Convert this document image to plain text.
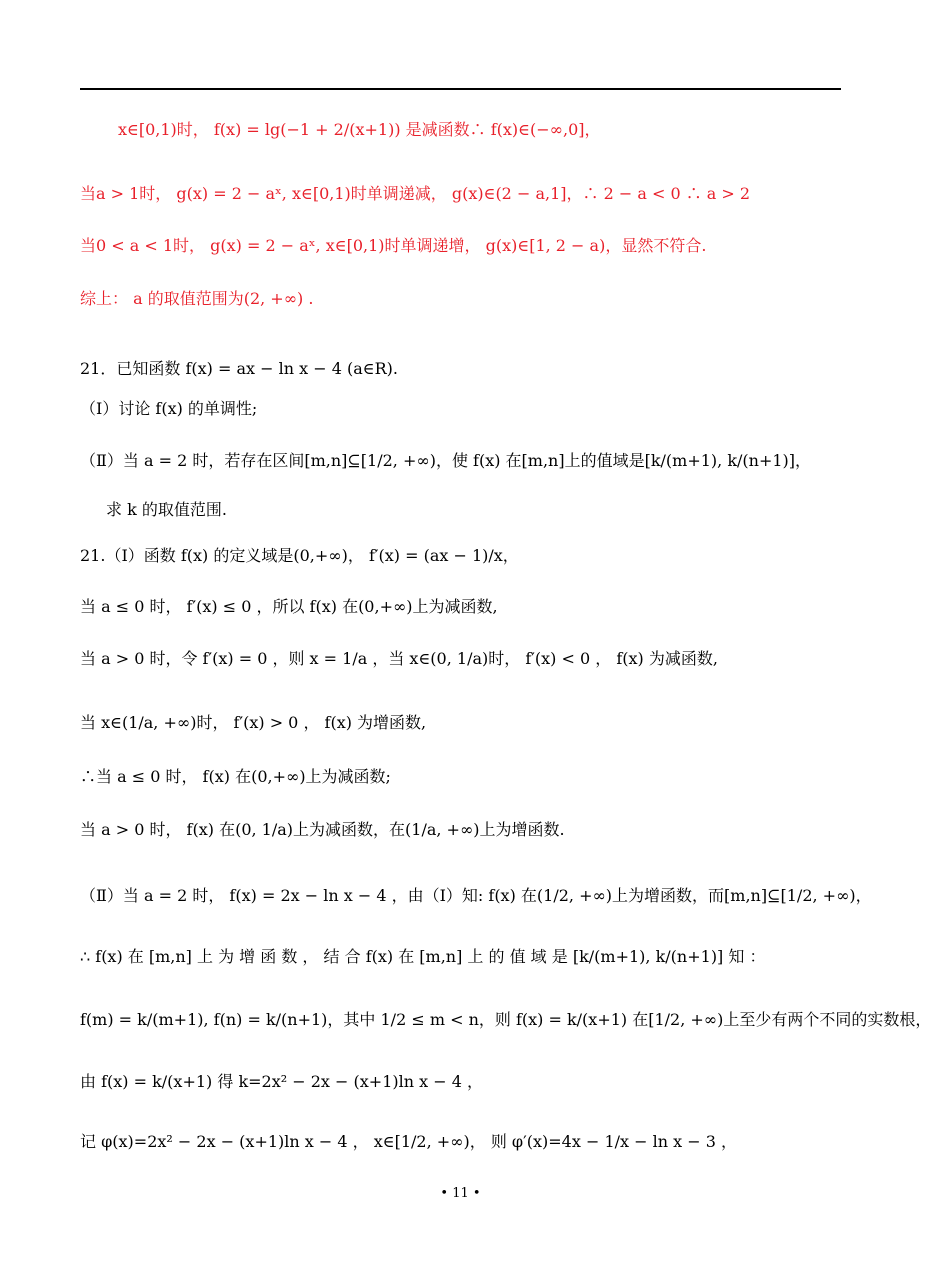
x∈[0,1)时， f(x) = lg(−1 + 2/(x+1)) 是减函数∴ f(x)∈(−∞,0]，
当a > 1时， g(x) = 2 − aˣ, x∈[0,1)时单调递减， g(x)∈(2 − a,1]，∴ 2 − a < 0 ∴ a > 2
当0 < a < 1时， g(x) = 2 − aˣ, x∈[0,1)时单调递增， g(x)∈[1, 2 − a)，显然不符合.
综上： a 的取值范围为(2, +∞) .
21．已知函数 f(x) = ax − ln x − 4 (a∈R).
（Ⅰ）讨论 f(x) 的单调性;
（Ⅱ）当 a = 2 时，若存在区间[m,n]⊆[1/2, +∞)，使 f(x) 在[m,n]上的值域是[k/(m+1), k/(n+1)]，
求 k 的取值范围.
21.（Ⅰ）函数 f(x) 的定义域是(0,+∞)， f′(x) = (ax − 1)/x，
当 a ≤ 0 时， f′(x) ≤ 0 ，所以 f(x) 在(0,+∞)上为减函数,
当 a > 0 时，令 f′(x) = 0 ，则 x = 1/a ，当 x∈(0, 1/a)时， f′(x) < 0 ， f(x) 为减函数,
当 x∈(1/a, +∞)时， f′(x) > 0 ， f(x) 为增函数,
∴当 a ≤ 0 时， f(x) 在(0,+∞)上为减函数;
当 a > 0 时， f(x) 在(0, 1/a)上为减函数，在(1/a, +∞)上为增函数.
（Ⅱ）当 a = 2 时， f(x) = 2x − ln x − 4 ，由（Ⅰ）知: f(x) 在(1/2, +∞)上为增函数，而[m,n]⊆[1/2, +∞)，
∴ f(x) 在 [m,n] 上 为 增 函 数 ， 结 合 f(x) 在 [m,n] 上 的 值 域 是 [k/(m+1), k/(n+1)] 知 ：
f(m) = k/(m+1), f(n) = k/(n+1)，其中 1/2 ≤ m < n，则 f(x) = k/(x+1) 在[1/2, +∞)上至少有两个不同的实数根，
由 f(x) = k/(x+1) 得 k=2x² − 2x − (x+1)ln x − 4 ，
记 φ(x)=2x² − 2x − (x+1)ln x − 4 ， x∈[1/2, +∞)， 则 φ′(x)=4x − 1/x − ln x − 3 ，
• 11 •
